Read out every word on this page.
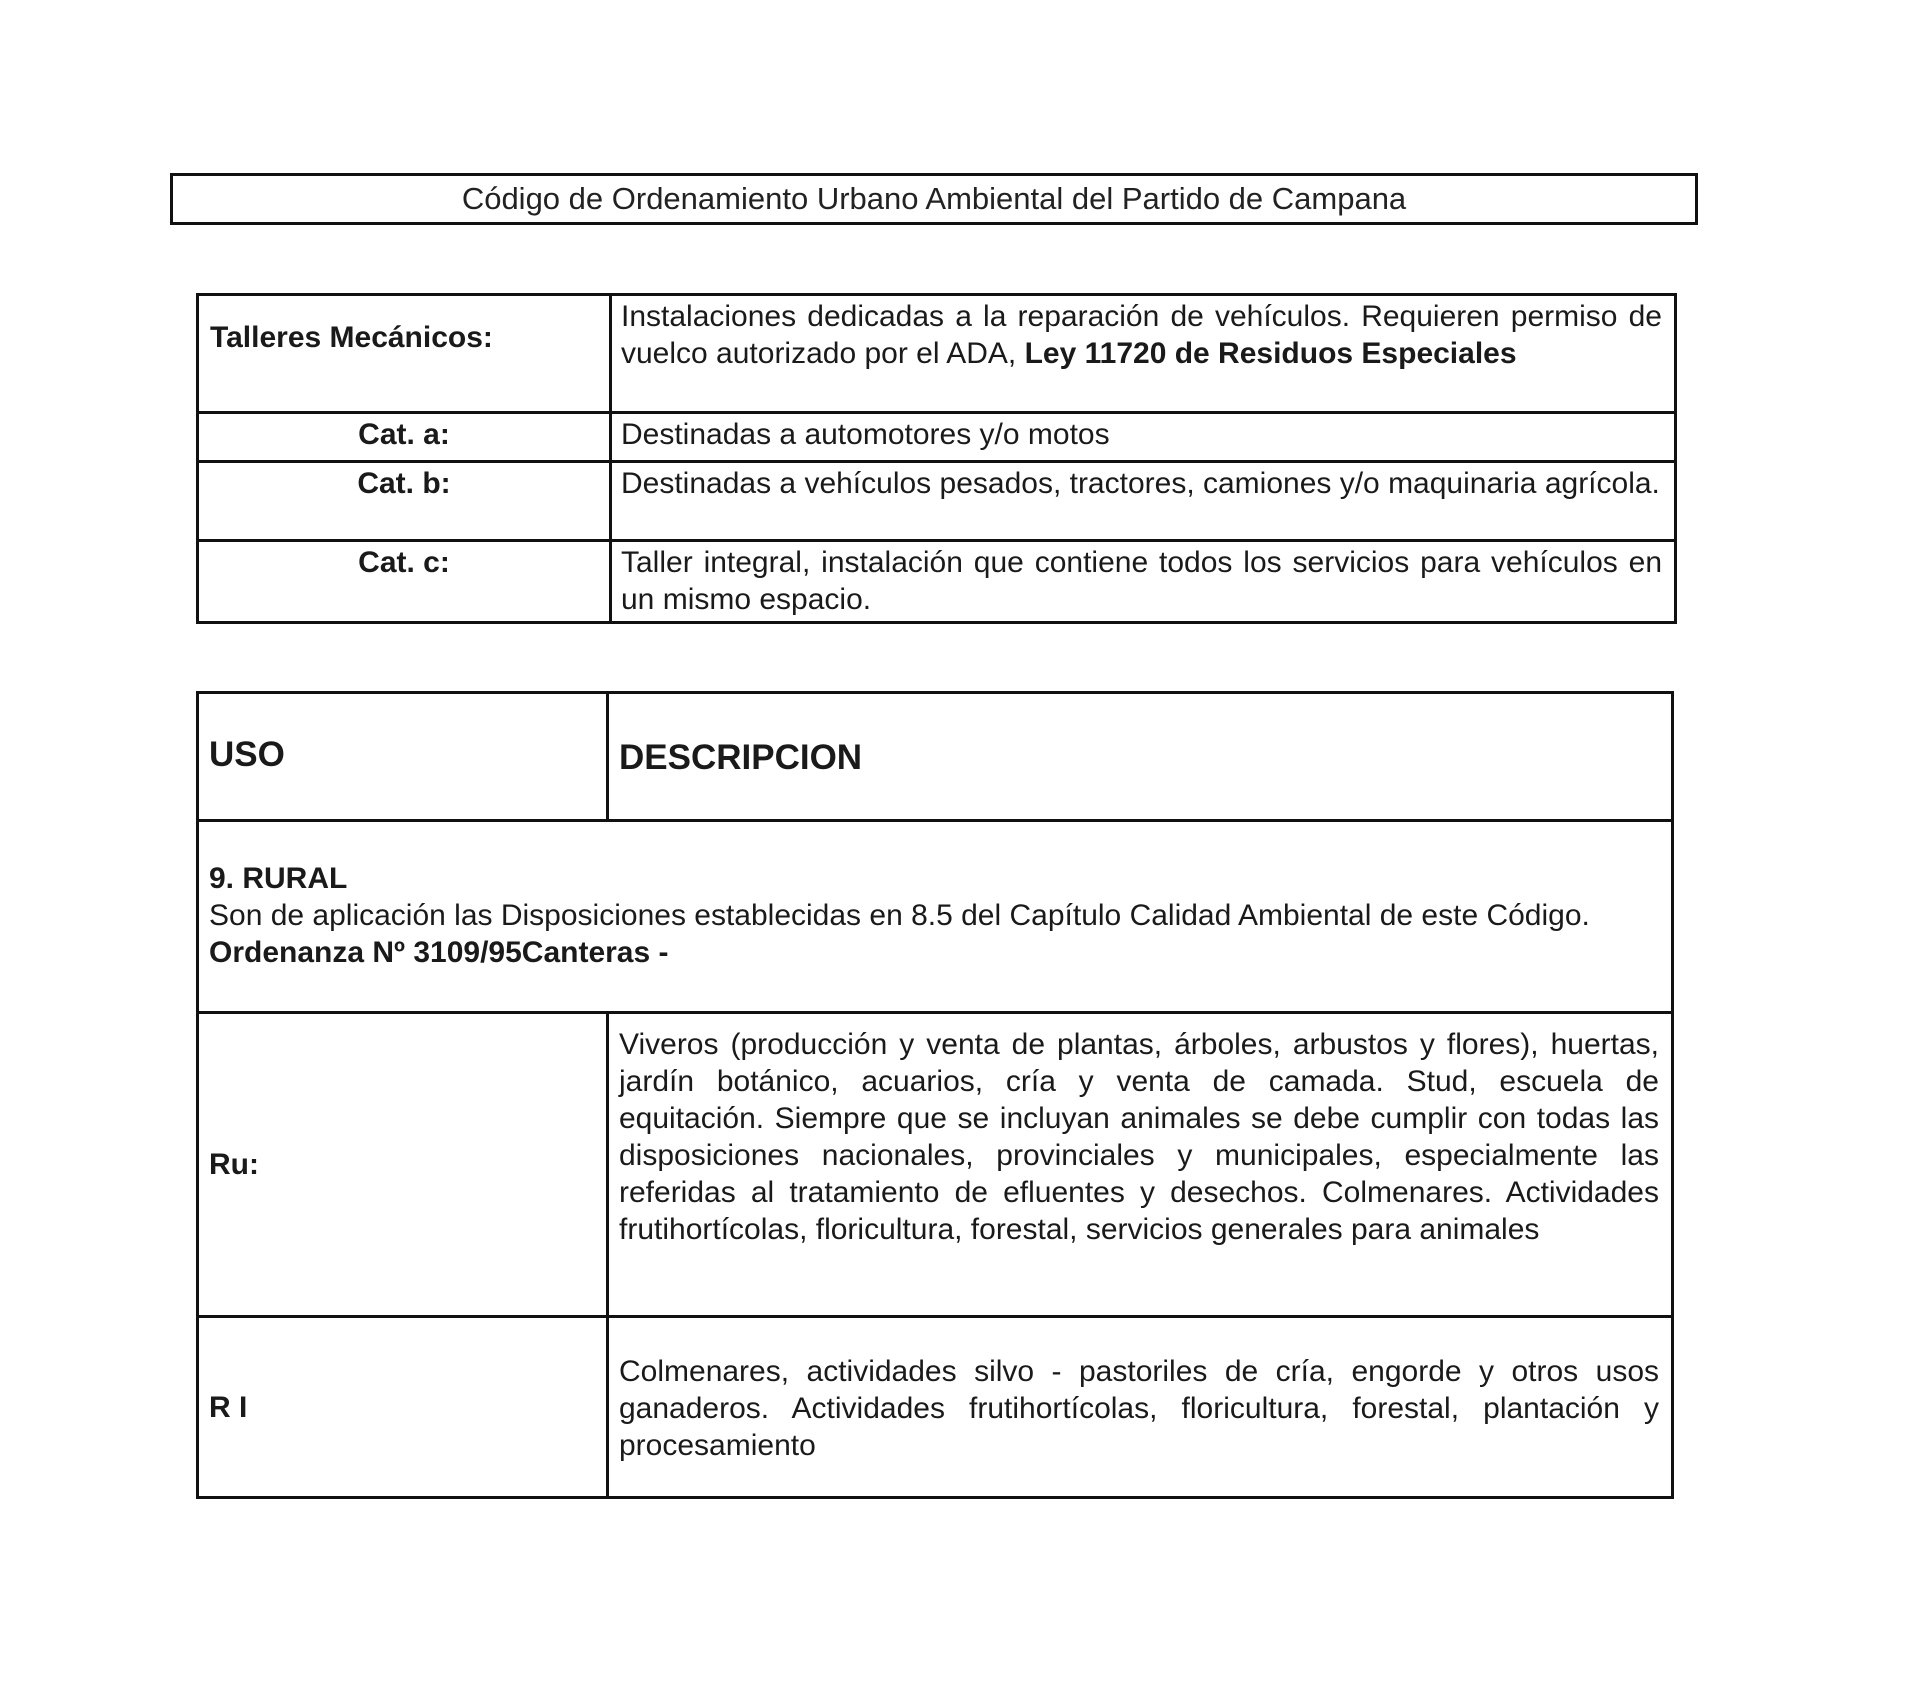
Código de Ordenamiento Urbano Ambiental del Partido de Campana
Talleres Mecánicos:	Instalaciones dedicadas a la reparación de vehículos. Requieren permiso de vuelco autorizado por el ADA, Ley 11720 de Residuos Especiales
Cat. a:	Destinadas a automotores y/o motos
Cat. b:	Destinadas a vehículos pesados, tractores, camiones y/o maquinaria agrícola.
Cat. c:	Taller integral, instalación que contiene todos los servicios para vehículos en un mismo espacio.
USO	DESCRIPCION
9. RURAL
Son de aplicación las Disposiciones establecidas en 8.5 del Capítulo Calidad Ambiental de este Código.
Ordenanza Nº 3109/95Canteras -	
Ru:	Viveros (producción y venta de plantas, árboles, arbustos y flores), huertas, jardín botánico, acuarios, cría y venta de camada. Stud, escuela de equitación. Siempre que se incluyan animales se debe cumplir con todas las disposiciones nacionales, provinciales y municipales, especialmente las referidas al tratamiento de efluentes y desechos. Colmenares. Actividades frutihortícolas, floricultura, forestal, servicios generales para animales
R I	Colmenares, actividades silvo - pastoriles de cría, engorde y otros usos ganaderos. Actividades frutihortícolas, floricultura, forestal, plantación y procesamiento
